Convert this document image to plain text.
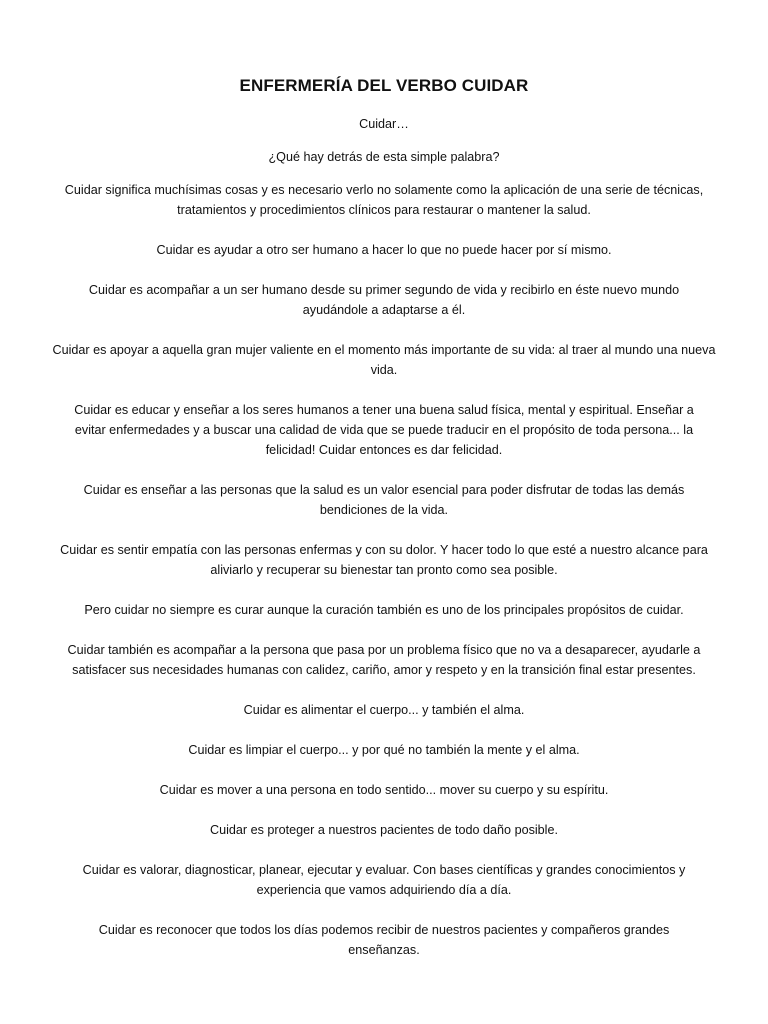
ENFERMERÍA DEL VERBO CUIDAR
Cuidar…
¿Qué hay detrás de esta simple palabra?
Cuidar significa muchísimas cosas y es necesario verlo no solamente como la aplicación de una serie de técnicas, tratamientos y procedimientos clínicos para restaurar o mantener la salud.
Cuidar es ayudar a otro ser humano a hacer lo que no puede hacer por sí mismo.
Cuidar es acompañar a un ser humano desde su primer segundo de vida y recibirlo en éste nuevo mundo ayudándole a adaptarse a él.
Cuidar es apoyar a aquella gran mujer valiente en el momento más importante de su vida: al traer al mundo una nueva vida.
Cuidar es educar y enseñar a los seres humanos a tener una buena salud física, mental y espiritual. Enseñar a evitar enfermedades y a buscar una calidad de vida que se puede traducir en el propósito de toda persona... la felicidad! Cuidar entonces es dar felicidad.
Cuidar es enseñar a las personas que la salud es un valor esencial para poder disfrutar de todas las demás bendiciones de la vida.
Cuidar es sentir empatía con las personas enfermas y con su dolor. Y hacer todo lo que esté a nuestro alcance para aliviarlo y recuperar su bienestar tan pronto como sea posible.
Pero cuidar no siempre es curar aunque la curación también es uno de los principales propósitos de cuidar.
Cuidar también es acompañar a la persona que pasa por un problema físico que no va a desaparecer, ayudarle a satisfacer sus necesidades humanas con calidez, cariño, amor y respeto y en la transición final estar presentes.
Cuidar es alimentar el cuerpo... y también el alma.
Cuidar es limpiar el cuerpo... y por qué no también la mente y el alma.
Cuidar es mover a una persona en todo sentido... mover su cuerpo y su espíritu.
Cuidar es proteger a nuestros pacientes de todo daño posible.
Cuidar es valorar, diagnosticar, planear, ejecutar y evaluar. Con bases científicas y grandes conocimientos y experiencia que vamos adquiriendo día a día.
Cuidar es reconocer que todos los días podemos recibir de nuestros pacientes y compañeros grandes enseñanzas.
